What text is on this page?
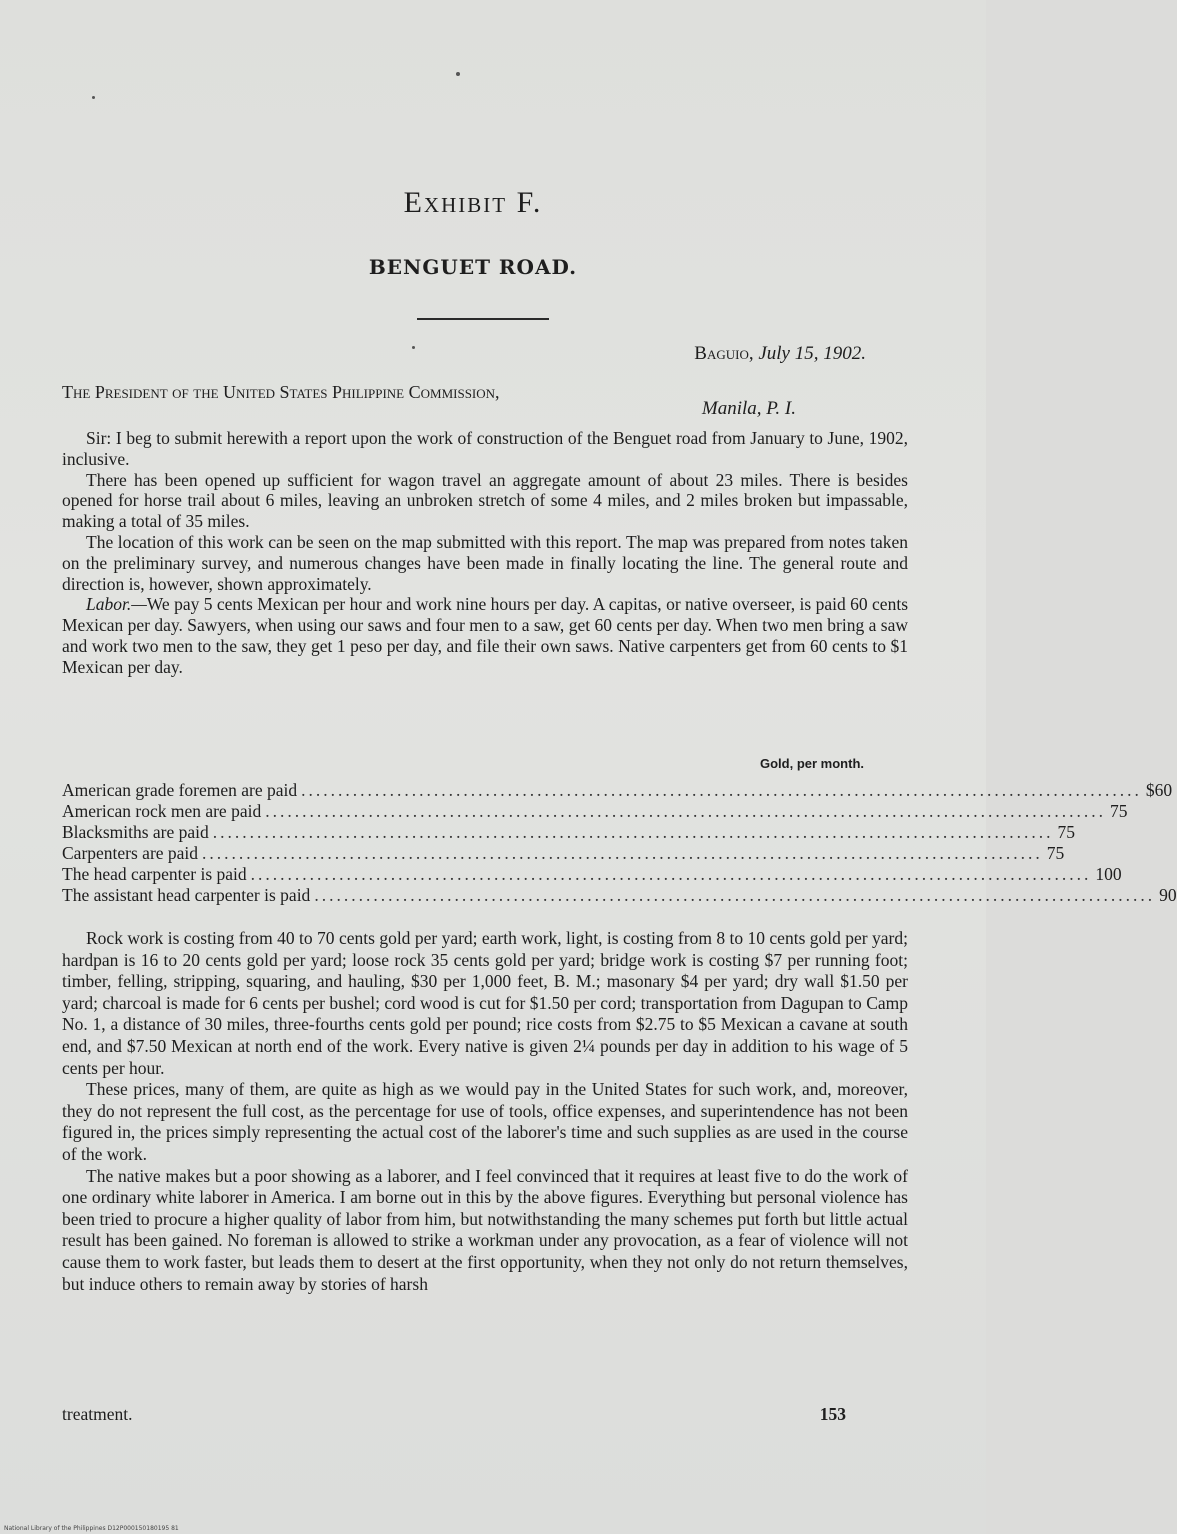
Exhibit F.
BENGUET ROAD.
Baguio, July 15, 1902.
The President of the United States Philippine Commission,
Manila, P. I.

Sir: I beg to submit herewith a report upon the work of construction of the Benguet road from January to June, 1902, inclusive.

There has been opened up sufficient for wagon travel an aggregate amount of about 23 miles. There is besides opened for horse trail about 6 miles, leaving an unbroken stretch of some 4 miles, and 2 miles broken but impassable, making a total of 35 miles.

The location of this work can be seen on the map submitted with this report. The map was prepared from notes taken on the preliminary survey, and numerous changes have been made in finally locating the line. The general route and direction is, however, shown approximately.

Labor.—We pay 5 cents Mexican per hour and work nine hours per day. A capitas, or native overseer, is paid 60 cents Mexican per day. Sawyers, when using our saws and four men to a saw, get 60 cents per day. When two men bring a saw and work two men to the saw, they get 1 peso per day, and file their own saws. Native carpenters get from 60 cents to $1 Mexican per day.

Gold, per month.
American grade foremen are paid .................................................................................................................. $60
American rock men are paid .................................................................................................................. 75
Blacksmiths are paid .................................................................................................................. 75
Carpenters are paid .................................................................................................................. 75
The head carpenter is paid .................................................................................................................. 100
The assistant head carpenter is paid .................................................................................................................. 90

Rock work is costing from 40 to 70 cents gold per yard; earth work, light, is costing from 8 to 10 cents gold per yard; hardpan is 16 to 20 cents gold per yard; loose rock 35 cents gold per yard; bridge work is costing $7 per running foot; timber, felling, stripping, squaring, and hauling, $30 per 1,000 feet, B. M.; masonary $4 per yard; dry wall $1.50 per yard; charcoal is made for 6 cents per bushel; cord wood is cut for $1.50 per cord; transportation from Dagupan to Camp No. 1, a distance of 30 miles, three-fourths cents gold per pound; rice costs from $2.75 to $5 Mexican a cavane at south end, and $7.50 Mexican at north end of the work. Every native is given 2¼ pounds per day in addition to his wage of 5 cents per hour.

These prices, many of them, are quite as high as we would pay in the United States for such work, and, moreover, they do not represent the full cost, as the percentage for use of tools, office expenses, and superintendence has not been figured in, the prices simply representing the actual cost of the laborer's time and such supplies as are used in the course of the work.

The native makes but a poor showing as a laborer, and I feel convinced that it requires at least five to do the work of one ordinary white laborer in America. I am borne out in this by the above figures. Everything but personal violence has been tried to procure a higher quality of labor from him, but notwithstanding the many schemes put forth but little actual result has been gained. No foreman is allowed to strike a workman under any provocation, as a fear of violence will not cause them to work faster, but leads them to desert at the first opportunity, when they not only do not return themselves, but induce others to remain away by stories of harsh

treatment.	153
National Library of the Philippines D12P000150180195 81
